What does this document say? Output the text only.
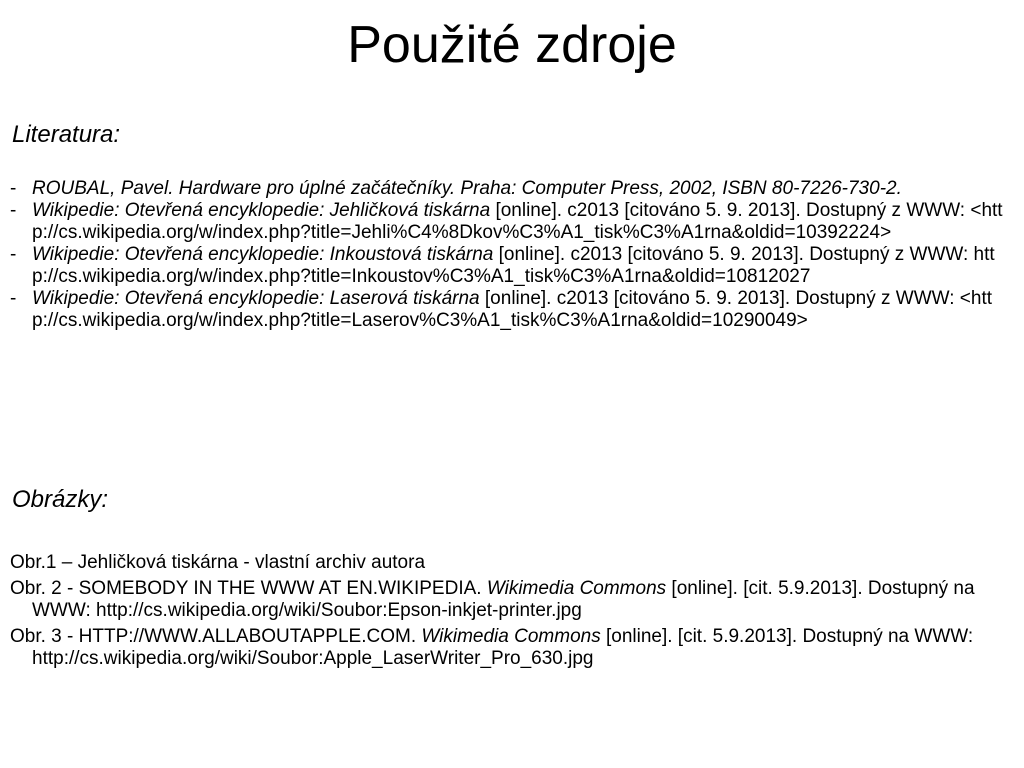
Použité zdroje

Literatura:

- ROUBAL, Pavel. Hardware pro úplné začátečníky. Praha: Computer Press, 2002, ISBN 80-7226-730-2.

- Wikipedie: Otevřená encyklopedie: Jehličková tiskárna [online]. c2013 [citováno 5. 9. 2013]. Dostupný z WWW: <http://cs.wikipedia.org/w/index.php?title=Jehli%C4%8Dkov%C3%A1_tisk%C3%A1rna&oldid=10392224>

- Wikipedie: Otevřená encyklopedie: Inkoustová tiskárna [online]. c2013 [citováno 5. 9. 2013]. Dostupný z WWW: http://cs.wikipedia.org/w/index.php?title=Inkoustov%C3%A1_tisk%C3%A1rna&oldid=10812027

- Wikipedie: Otevřená encyklopedie: Laserová tiskárna [online]. c2013 [citováno 5. 9. 2013]. Dostupný z WWW: <http://cs.wikipedia.org/w/index.php?title=Laserov%C3%A1_tisk%C3%A1rna&oldid=10290049>

Obrázky:

Obr.1 – Jehličková tiskárna - vlastní archiv autora

Obr. 2 - SOMEBODY IN THE WWW AT EN.WIKIPEDIA. Wikimedia Commons [online]. [cit. 5.9.2013]. Dostupný na WWW: http://cs.wikipedia.org/wiki/Soubor:Epson-inkjet-printer.jpg

Obr. 3 - HTTP://WWW.ALLABOUTAPPLE.COM. Wikimedia Commons [online]. [cit. 5.9.2013]. Dostupný na WWW: http://cs.wikipedia.org/wiki/Soubor:Apple_LaserWriter_Pro_630.jpg
